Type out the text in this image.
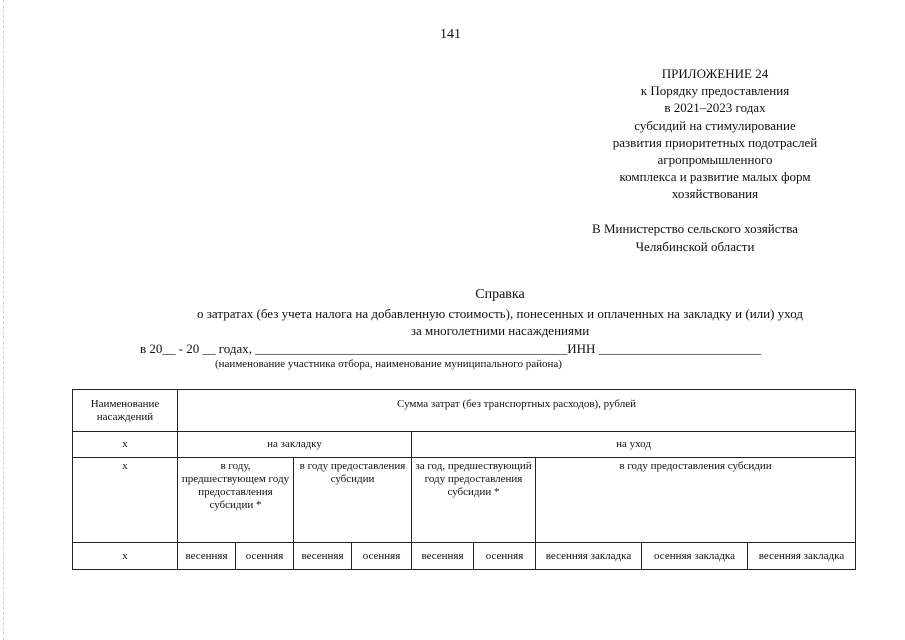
141
ПРИЛОЖЕНИЕ 24
к Порядку предоставления
в 2021–2023 годах
субсидий на стимулирование
развития приоритетных подотраслей
агропромышленного
комплекса и развитие малых форм
хозяйствования
В Министерство сельского хозяйства
Челябинской области
Справка
о затратах (без учета налога на добавленную стоимость), понесенных и оплаченных на закладку и (или) уход
за многолетними насаждениями
в 20__ - 20 __ годах, ________________________________________________ИНН _________________________
(наименование участника отбора, наименование муниципального района)
Наименование насаждений	Сумма затрат (без транспортных расходов), рублей								
х	на закладку				на уход				
х	в году, предшествующем году предоставления субсидии *		в году предоставления субсидии		за год, предшествующий году предоставления субсидии *		в году предоставления субсидии		
х	весенняя	осенняя	весенняя	осенняя	весенняя	осенняя	весенняя закладка	осенняя закладка	весенняя закладка
